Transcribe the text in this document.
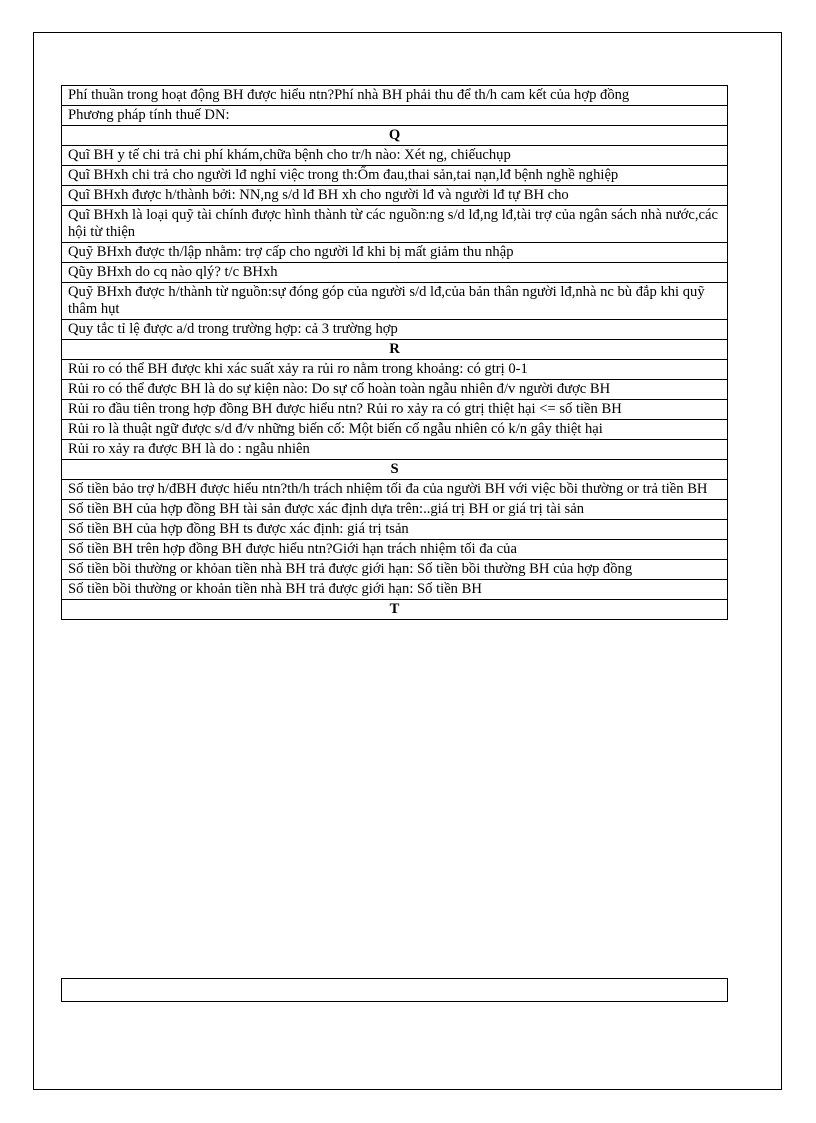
Phí thuần trong hoạt động BH được hiểu ntn?Phí nhà BH phải thu để th/h cam kết của hợp đồng
Phương pháp tính thuế DN:
Q
Quĩ BH y tế chi trả chi phí khám,chữa bệnh cho tr/h nào: Xét ng, chiếuchụp
Quĩ BHxh chi trả cho người lđ nghỉ việc trong th:Ốm đau,thai sản,tai nạn,lđ bệnh nghề nghiệp
Quĩ BHxh được h/thành bởi: NN,ng s/d lđ BH xh cho người lđ và người lđ tự BH cho
Quĩ BHxh là loại quỹ tài chính được hình thành từ các nguồn:ng s/d lđ,ng lđ,tài trợ của ngân sách nhà nước,các hội từ thiện
Quỹ BHxh được th/lập nhằm: trợ cấp cho người lđ khi bị mất giảm thu nhập
Qũy BHxh do cq nào qlý? t/c BHxh
Quỹ BHxh được h/thành từ nguồn:sự đóng góp của người s/d lđ,của bản thân người lđ,nhà nc bù đắp khi quỹ thâm hụt
Quy tắc tỉ lệ được a/d trong trường hợp: cả 3 trường hợp
R
Rủi ro có thể BH được khi xác suất xảy ra rủi ro nằm trong khoảng: có gtrị 0-1
Rủi ro có thể được BH là do sự kiện nào: Do sự cố hoàn toàn ngẫu nhiên đ/v người được BH
Rủi ro đầu tiên trong hợp đồng BH được hiểu ntn? Rủi ro xảy ra có gtrị thiệt hại <= số tiền BH
Rủi ro là thuật ngữ được s/d đ/v những biến cố: Một biến cố ngẫu nhiên có k/n gây thiệt hại
Rủi ro xảy ra được BH là do : ngẫu nhiên
S
Số tiền bảo trợ h/đBH được hiểu ntn?th/h trách nhiệm tối đa của người BH với việc bồi thường or trả tiền BH
Số tiền BH của hợp đồng BH tài sản được xác định dựa trên:..giá trị BH or giá trị tài sản
Số tiền BH của hợp đồng BH ts được xác định: giá trị tsản
Số tiền BH trên hợp đồng BH được hiểu ntn?Giới hạn trách nhiệm tối đa của
Số tiền bồi thường or khỏan tiền nhà BH trả được giới hạn: Số tiền bồi thường BH của hợp đồng
Số tiền bồi thường or khoản tiền nhà BH trả được giới hạn: Số tiền BH
T
